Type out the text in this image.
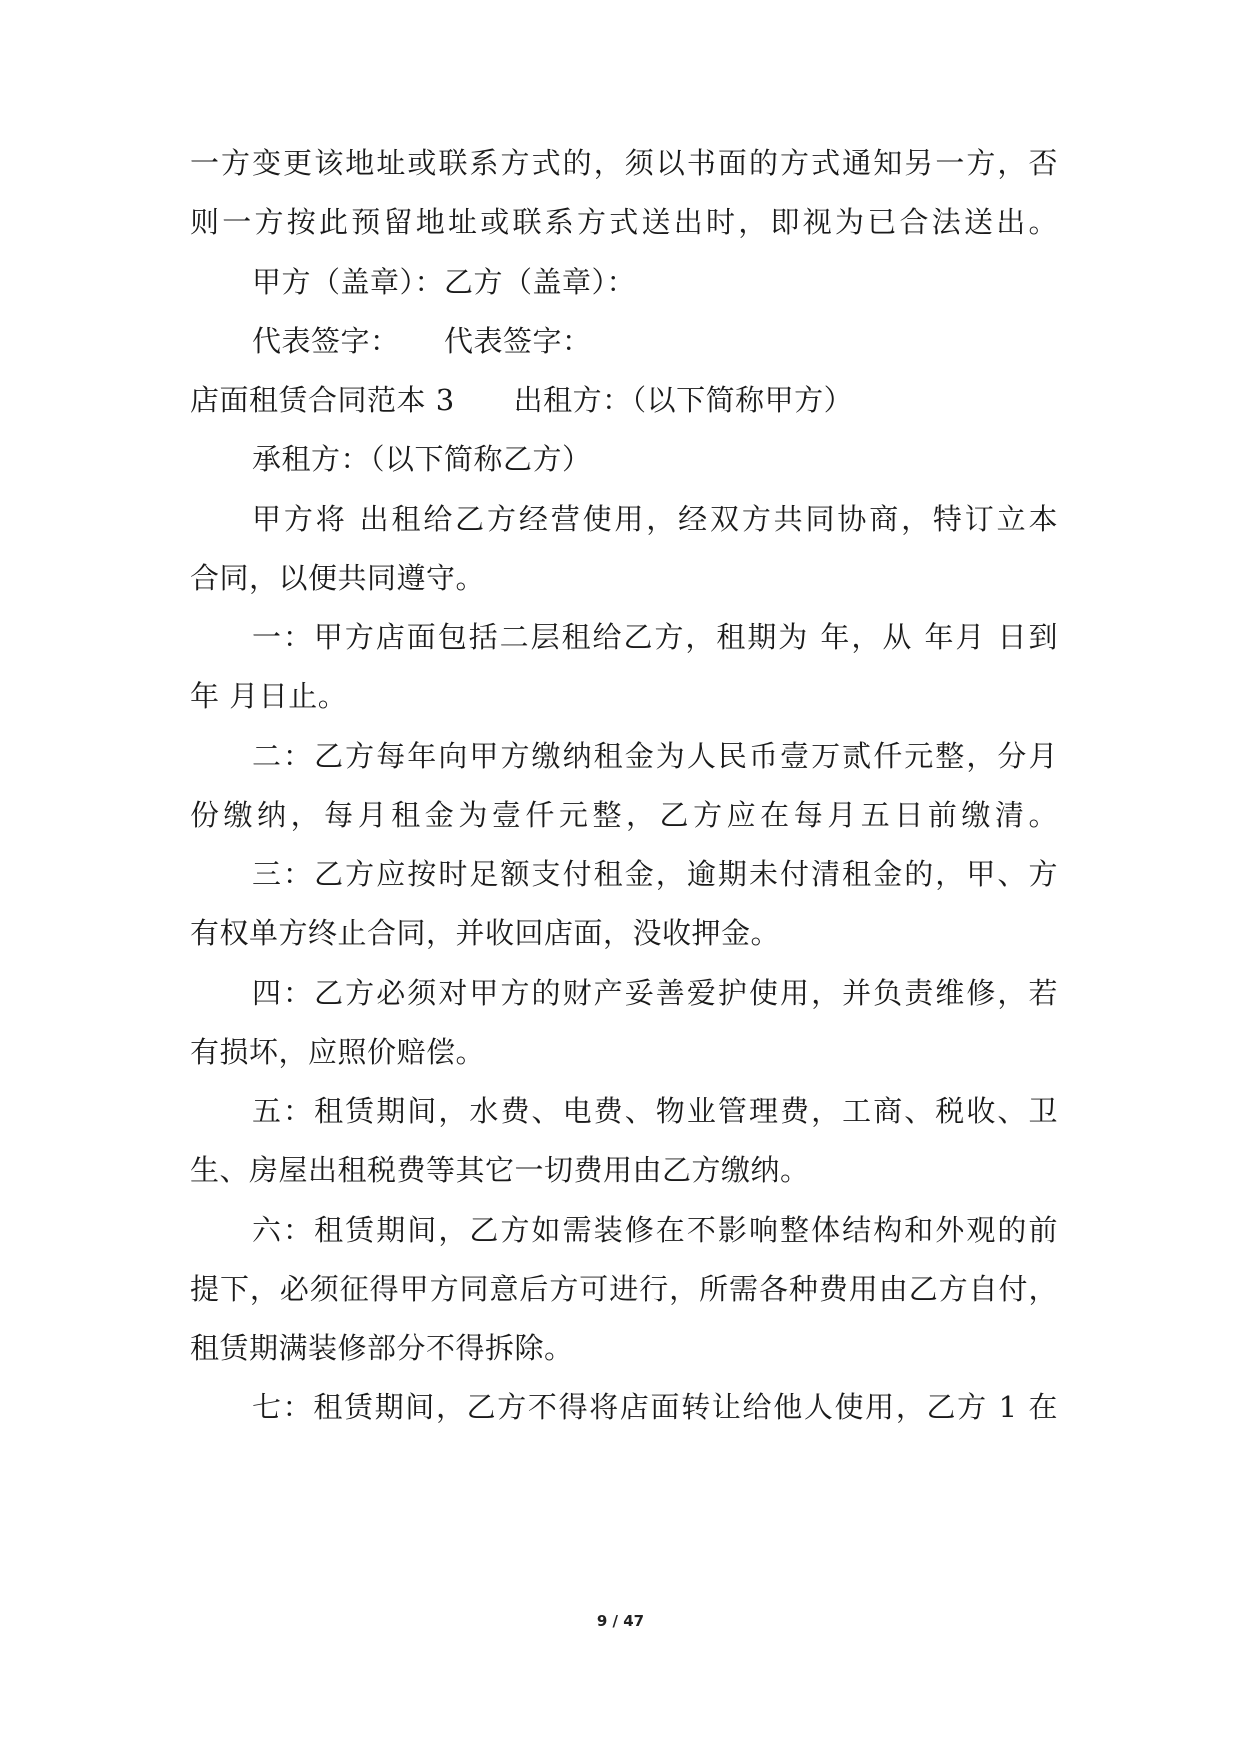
一方变更该地址或联系方式的，须以书面的方式通知另一方，否
则一方按此预留地址或联系方式送出时，即视为已合法送出。
甲方（盖章）：乙方（盖章）：
代表签字：　　代表签字：
店面租赁合同范本 3　　出租方：（以下简称甲方）
承租方：（以下简称乙方）
甲方将 出租给乙方经营使用，经双方共同协商，特订立本
合同，以便共同遵守。
一：甲方店面包括二层租给乙方，租期为 年，从 年月 日到
年 月日止。
二：乙方每年向甲方缴纳租金为人民币壹万贰仟元整，分月
份缴纳，每月租金为壹仟元整，乙方应在每月五日前缴清。
三：乙方应按时足额支付租金，逾期未付清租金的，甲、方
有权单方终止合同，并收回店面，没收押金。
四：乙方必须对甲方的财产妥善爱护使用，并负责维修，若
有损坏，应照价赔偿。
五：租赁期间，水费、电费、物业管理费，工商、税收、卫
生、房屋出租税费等其它一切费用由乙方缴纳。
六：租赁期间，乙方如需装修在不影响整体结构和外观的前
提下，必须征得甲方同意后方可进行，所需各种费用由乙方自付，
租赁期满装修部分不得拆除。
七：租赁期间，乙方不得将店面转让给他人使用，乙方 1 在
9 / 47
